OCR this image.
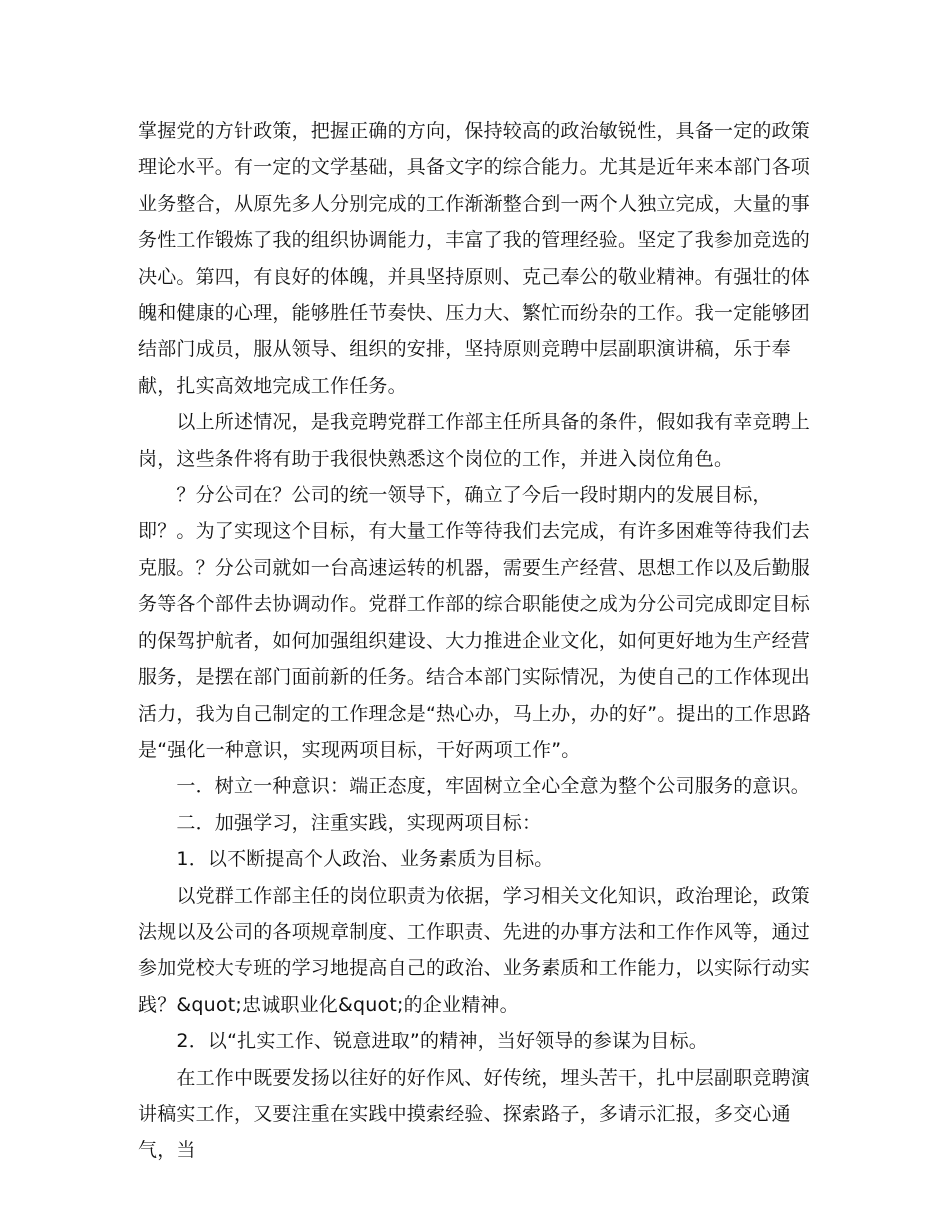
掌握党的方针政策，把握正确的方向，保持较高的政治敏锐性，具备一定的政策理论水平。有一定的文学基础，具备文字的综合能力。尤其是近年来本部门各项业务整合，从原先多人分别完成的工作渐渐整合到一两个人独立完成，大量的事务性工作锻炼了我的组织协调能力，丰富了我的管理经验。坚定了我参加竞选的决心。第四，有良好的体魄，并具坚持原则、克己奉公的敬业精神。有强壮的体魄和健康的心理，能够胜任节奏快、压力大、繁忙而纷杂的工作。我一定能够团结部门成员，服从领导、组织的安排，坚持原则竞聘中层副职演讲稿，乐于奉献，扎实高效地完成工作任务。

　　以上所述情况，是我竞聘党群工作部主任所具备的条件，假如我有幸竞聘上岗，这些条件将有助于我很快熟悉这个岗位的工作，并进入岗位角色。

　　？分公司在？公司的统一领导下，确立了今后一段时期内的发展目标，即？。为了实现这个目标，有大量工作等待我们去完成，有许多困难等待我们去克服。？分公司就如一台高速运转的机器，需要生产经营、思想工作以及后勤服务等各个部件去协调动作。党群工作部的综合职能使之成为分公司完成即定目标的保驾护航者，如何加强组织建设、大力推进企业文化，如何更好地为生产经营服务，是摆在部门面前新的任务。结合本部门实际情况，为使自己的工作体现出活力，我为自己制定的工作理念是“热心办，马上办，办的好”。提出的工作思路是“强化一种意识，实现两项目标，干好两项工作”。

　　一．树立一种意识：端正态度，牢固树立全心全意为整个公司服务的意识。

　　二．加强学习，注重实践，实现两项目标：

　　1．以不断提高个人政治、业务素质为目标。

　　以党群工作部主任的岗位职责为依据，学习相关文化知识，政治理论，政策法规以及公司的各项规章制度、工作职责、先进的办事方法和工作作风等，通过参加党校大专班的学习地提高自己的政治、业务素质和工作能力，以实际行动实践？&quot;忠诚职业化&quot;的企业精神。

　　2．以“扎实工作、锐意进取”的精神，当好领导的参谋为目标。

　　在工作中既要发扬以往好的好作风、好传统，埋头苦干，扎中层副职竞聘演讲稿实工作，又要注重在实践中摸索经验、探索路子，多请示汇报，多交心通气，当
